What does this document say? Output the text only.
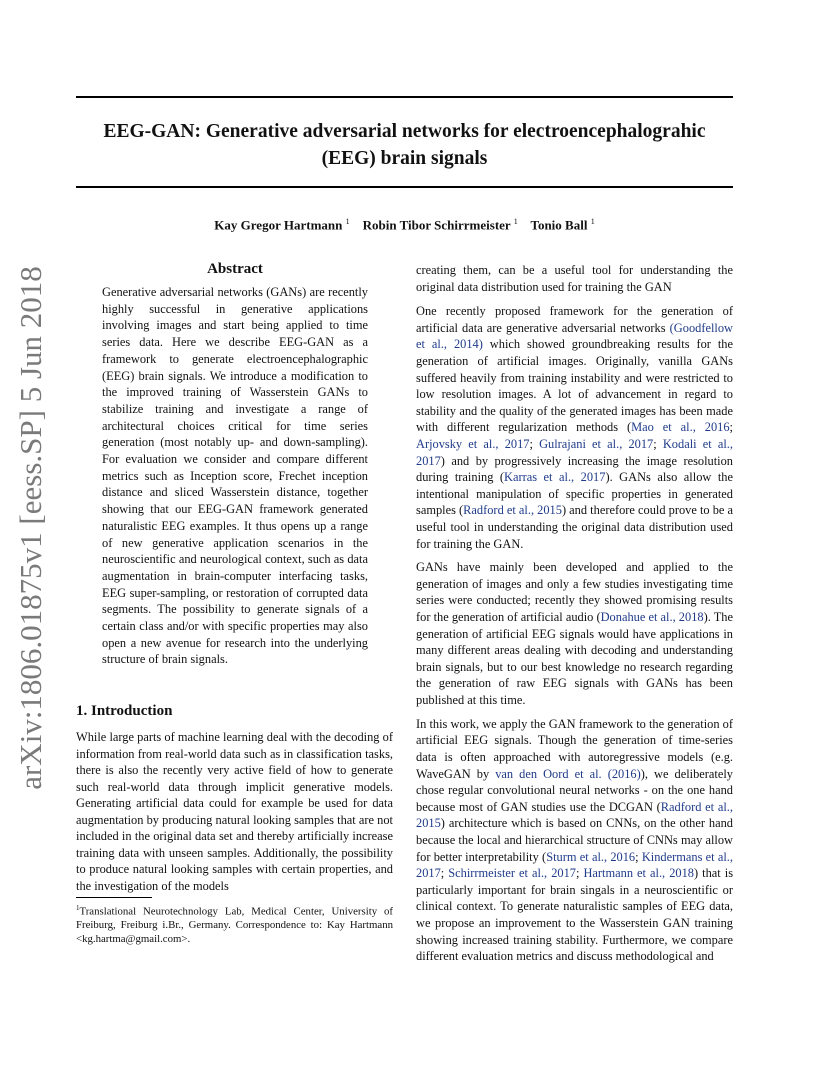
EEG-GAN: Generative adversarial networks for electroencephalograhic (EEG) brain signals
Kay Gregor Hartmann $^1$ Robin Tibor Schirrmeister $^1$ Tonio Ball $^1$
arXiv:1806.01875v1 [eess.SP] 5 Jun 2018	Abstract
Generative adversarial networks (GANs) are recently highly successful in generative applications involving images and start being applied to time series data. Here we describe EEG-GAN as a framework to generate electroencephalographic (EEG) brain signals. We introduce a modification to the improved training of Wasserstein GANs to stabilize training and investigate a range of architectural choices critical for time series generation (most notably up- and down-sampling). For evaluation we consider and compare different metrics such as Inception score, Frechet inception distance and sliced Wasserstein distance, together showing that our EEG-GAN framework generated naturalistic EEG examples. It thus opens up a range of new generative application scenarios in the neuroscientific and neurological context, such as data augmentation in brain-computer interfacing tasks, EEG super-sampling, or restoration of corrupted data segments. The possibility to generate signals of a certain class and/or with specific properties may also open a new avenue for research into the underlying structure of brain signals.
1. Introduction
While large parts of machine learning deal with the decoding of information from real-world data such as in classification tasks, there is also the recently very active field of how to generate such real-world data through implicit generative models. Generating artificial data could for example be used for data augmentation by producing natural looking samples that are not included in the original data set and thereby artificially increase training data with unseen samples. Additionally, the possibility to produce natural looking samples with certain properties, and the investigation of the models
$^1$Translational Neurotechnology Lab, Medical Center, University of Freiburg, Freiburg i.Br., Germany. Correspondence to: Kay Hartmann <kg.hartma@gmail.com>.

creating them, can be a useful tool for understanding the original data distribution used for training the GAN

One recently proposed framework for the generation of artificial data are generative adversarial networks (Goodfellow et al., 2014) which showed groundbreaking results for the generation of artificial images. Originally, vanilla GANs suffered heavily from training instability and were restricted to low resolution images. A lot of advancement in regard to stability and the quality of the generated images has been made with different regularization methods (Mao et al., 2016; Arjovsky et al., 2017; Gulrajani et al., 2017; Kodali et al., 2017) and by progressively increasing the image resolution during training (Karras et al., 2017). GANs also allow the intentional manipulation of specific properties in generated samples (Radford et al., 2015) and therefore could prove to be a useful tool in understanding the original data distribution used for training the GAN.

GANs have mainly been developed and applied to the generation of images and only a few studies investigating time series were conducted; recently they showed promising results for the generation of artificial audio (Donahue et al., 2018). The generation of artificial EEG signals would have applications in many different areas dealing with decoding and understanding brain signals, but to our best knowledge no research regarding the generation of raw EEG signals with GANs has been published at this time.

In this work, we apply the GAN framework to the generation of artificial EEG signals. Though the generation of time-series data is often approached with autoregressive models (e.g. WaveGAN by van den Oord et al. (2016)), we deliberately chose regular convolutional neural networks - on the one hand because most of GAN studies use the DCGAN (Radford et al., 2015) architecture which is based on CNNs, on the other hand because the local and hierarchical structure of CNNs may allow for better interpretability (Sturm et al., 2016; Kindermans et al., 2017; Schirrmeister et al., 2017; Hartmann et al., 2018) that is particularly important for brain singals in a neuroscientific or clinical context. To generate naturalistic samples of EEG data, we propose an improvement to the Wasserstein GAN training showing increased training stability. Furthermore, we compare different evaluation metrics and discuss methodological and
